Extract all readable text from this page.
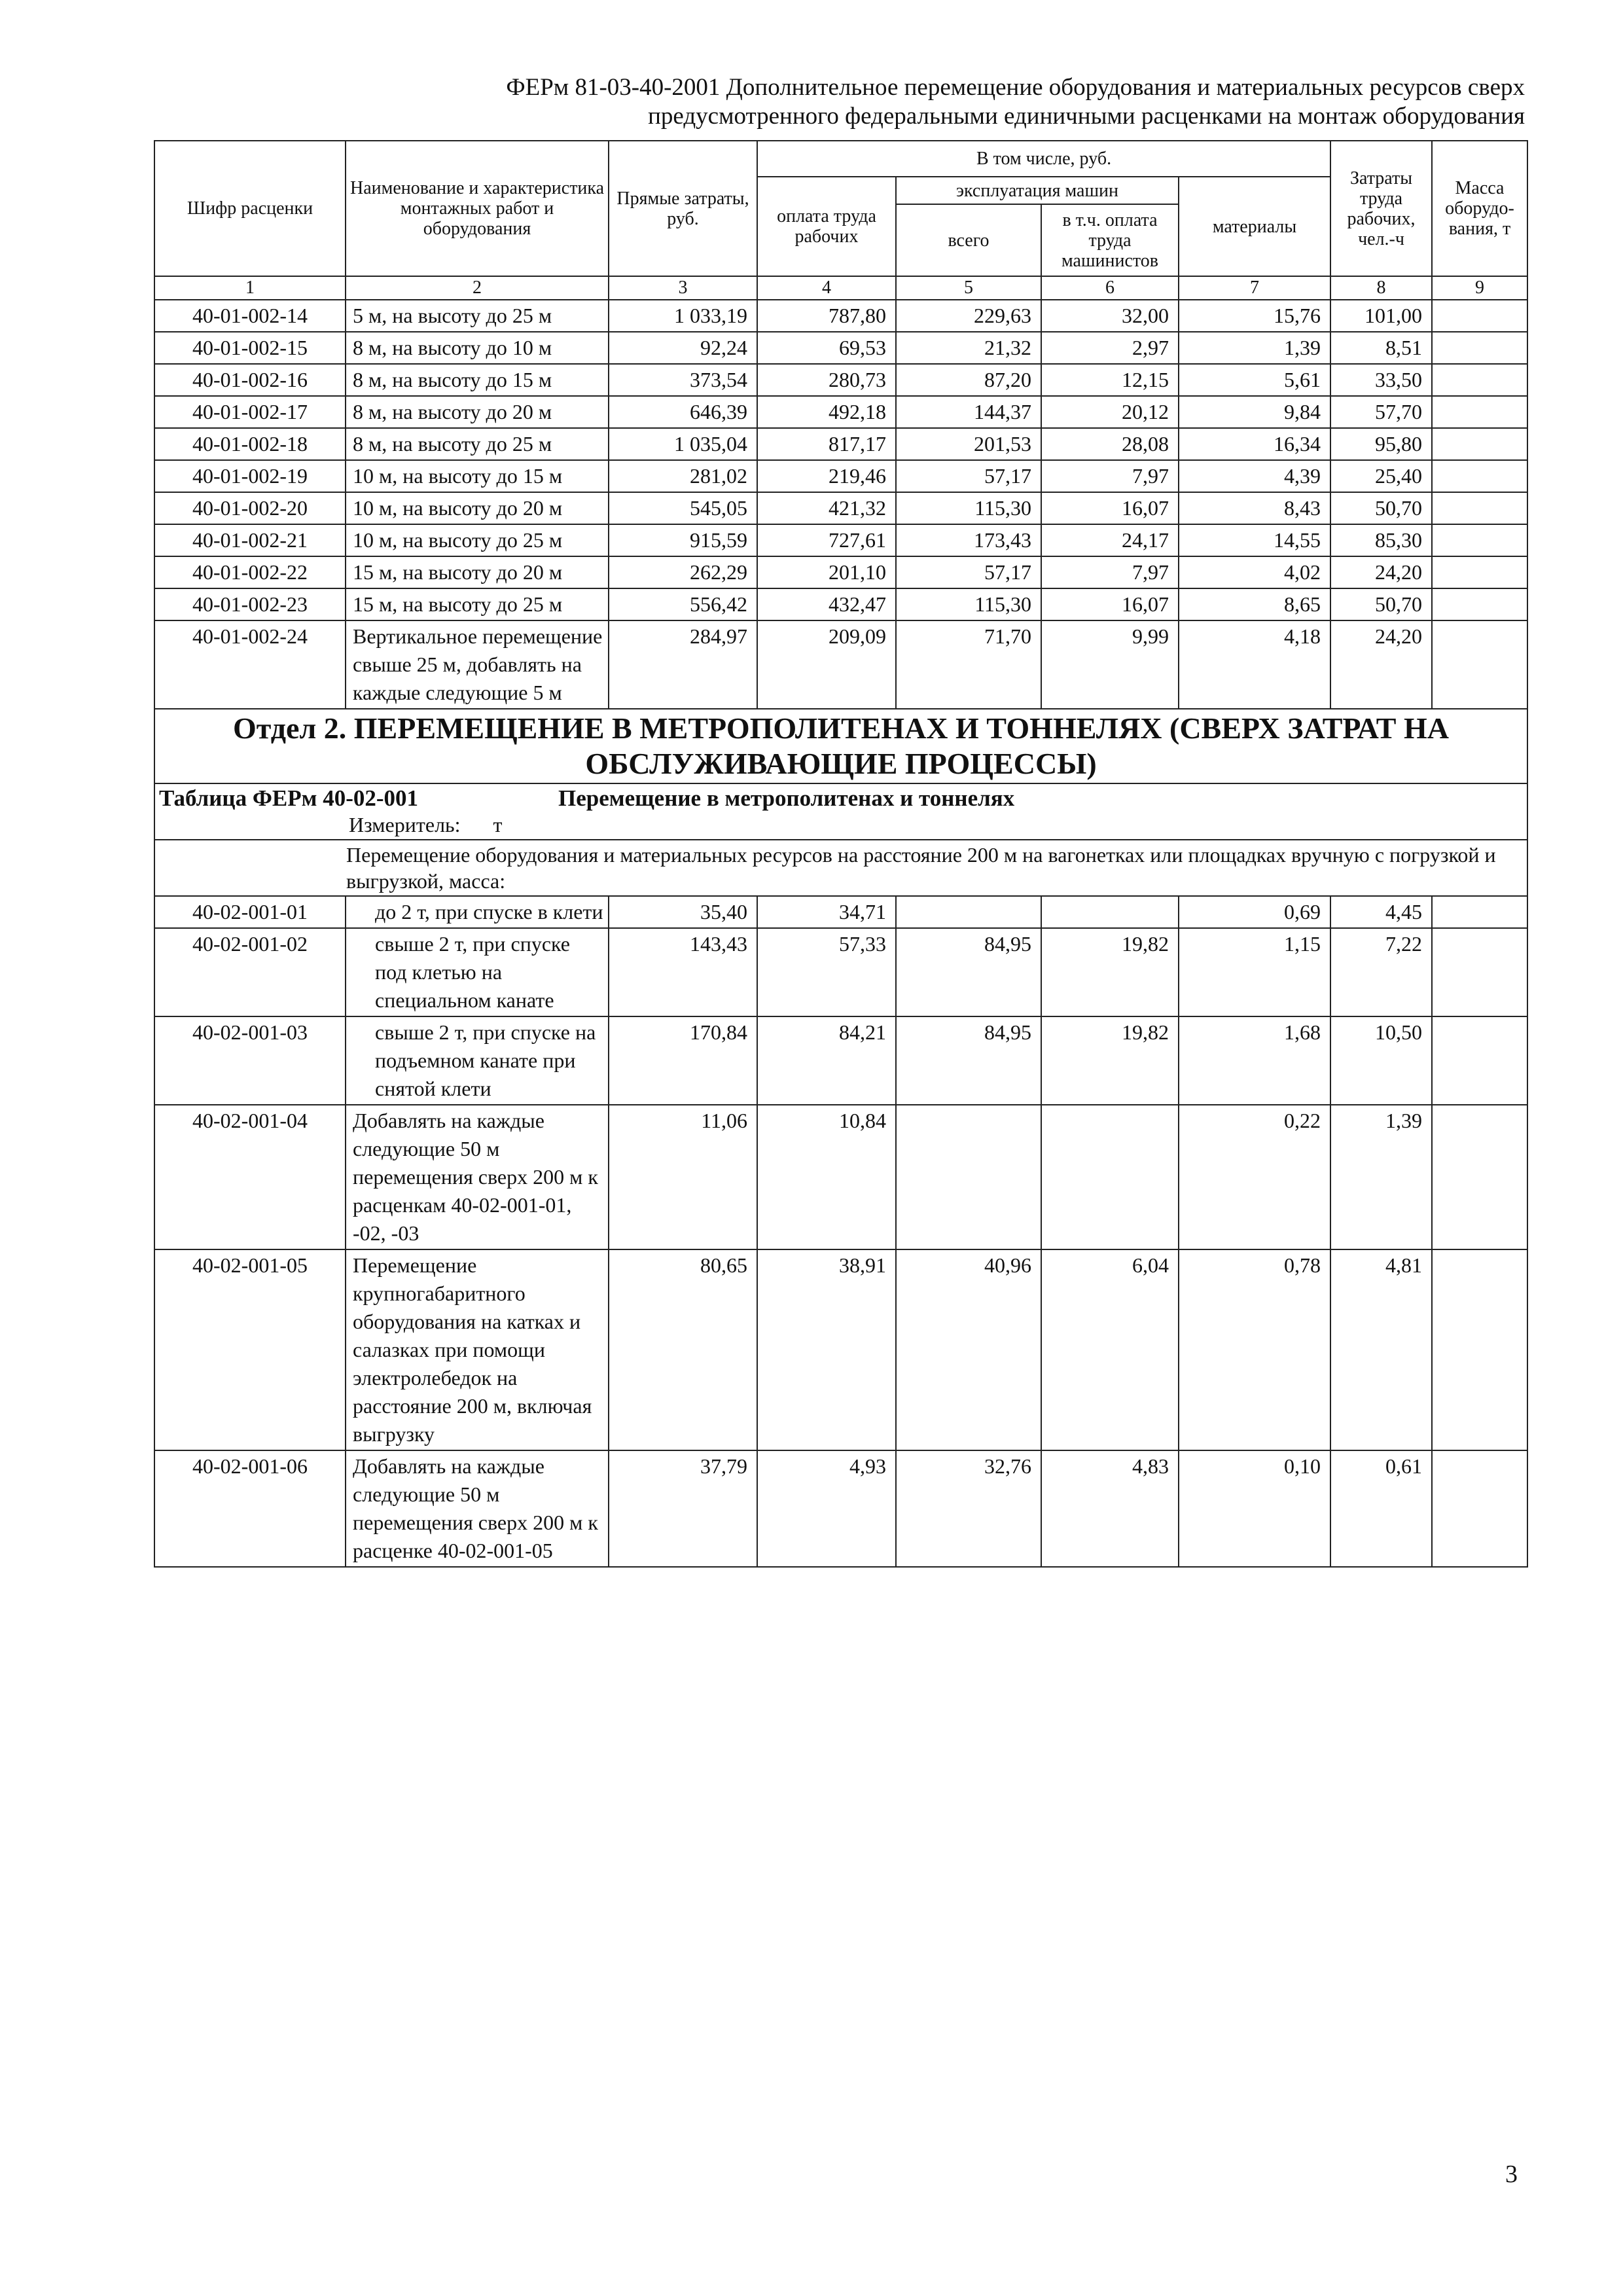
ФЕРм 81-03-40-2001 Дополнительное перемещение оборудования и материальных ресурсов сверх
предусмотренного федеральными единичными расценками на монтаж оборудования
Шифр расценки	Наименование и характеристика монтажных работ и оборудования	Прямые затраты, руб.	В том числе, руб.				Затраты труда рабочих, чел.-ч	Масса оборудо-вания, т
			оплата труда рабочих	эксплуатация машин		материалы		
				всего	в т.ч. оплата труда машинистов			
1	2	3	4	5	6	7	8	9
40-01-002-14	5 м, на высоту до 25 м	1 033,19	787,80	229,63	32,00	15,76	101,00	
40-01-002-15	8 м, на высоту до 10 м	92,24	69,53	21,32	2,97	1,39	8,51	
40-01-002-16	8 м, на высоту до 15 м	373,54	280,73	87,20	12,15	5,61	33,50	
40-01-002-17	8 м, на высоту до 20 м	646,39	492,18	144,37	20,12	9,84	57,70	
40-01-002-18	8 м, на высоту до 25 м	1 035,04	817,17	201,53	28,08	16,34	95,80	
40-01-002-19	10 м, на высоту до 15 м	281,02	219,46	57,17	7,97	4,39	25,40	
40-01-002-20	10 м, на высоту до 20 м	545,05	421,32	115,30	16,07	8,43	50,70	
40-01-002-21	10 м, на высоту до 25 м	915,59	727,61	173,43	24,17	14,55	85,30	
40-01-002-22	15 м, на высоту до 20 м	262,29	201,10	57,17	7,97	4,02	24,20	
40-01-002-23	15 м, на высоту до 25 м	556,42	432,47	115,30	16,07	8,65	50,70	
40-01-002-24	Вертикальное перемещение свыше 25 м, добавлять на каждые следующие 5 м	284,97	209,09	71,70	9,99	4,18	24,20	
Отдел 2. ПЕРЕМЕЩЕНИЕ В МЕТРОПОЛИТЕНАХ И ТОННЕЛЯХ (СВЕРХ ЗАТРАТ НА ОБСЛУЖИВАЮЩИЕ ПРОЦЕССЫ)								
Таблица ФЕРм 40-02-001 Перемещение в метрополитенах и тоннелях
Измеритель: т								

Перемещение оборудования и материальных ресурсов на расстояние 200 м на вагонетках или площадках вручную с погрузкой и выгрузкой, масса:								
40-02-001-01	до 2 т, при спуске в клети	35,40	34,71			0,69	4,45	
40-02-001-02	свыше 2 т, при спуске под клетью на специальном канате	143,43	57,33	84,95	19,82	1,15	7,22	
40-02-001-03	свыше 2 т, при спуске на подъемном канате при снятой клети	170,84	84,21	84,95	19,82	1,68	10,50	
40-02-001-04	Добавлять на каждые следующие 50 м перемещения сверх 200 м к расценкам 40-02-001-01, -02, -03	11,06	10,84			0,22	1,39	
40-02-001-05	Перемещение крупногабаритного оборудования на катках и салазках при помощи электролебедок на расстояние 200 м, включая выгрузку	80,65	38,91	40,96	6,04	0,78	4,81	
40-02-001-06	Добавлять на каждые следующие 50 м перемещения сверх 200 м к расценке 40-02-001-05	37,79	4,93	32,76	4,83	0,10	0,61	
3
